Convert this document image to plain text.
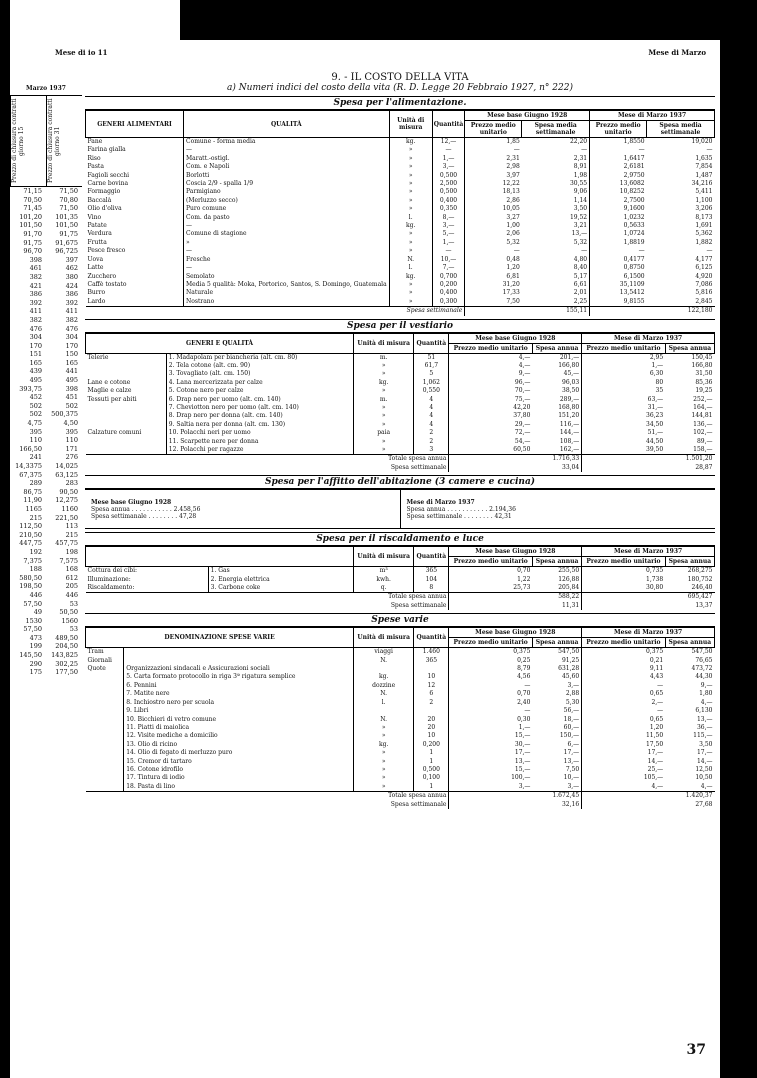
Mese di io 11	Mese di Marzo
Marzo 1937
Prezzo di chiusura contratti giorno 15	Prezzo di chiusura contratti giorno 31
71,15	71,50
70,50	70,80
71,45	71,50
101,20	101,35
101,50	101,50
91,70	91,75
91,75	91,675
96,70	96,725
398	397
461	462
382	380
421	424
386	386
392	392
411	411
382	382
476	476
304	304
170	170
151	150
165	165
439	441
495	495
393,75	398
452	451
502	502
502	500,375
4,75	4,50
395	395
110	110
166,50	171
241	276
14,3375	14,025
67,375	63,125
289	283
86,75	90,50
11,90	12,275
1165	1160
215	221,50
112,50	113
210,50	215
447,75	457,75
192	198
7,375	7,575
188	168
580,50	612
198,50	205
446	446
57,50	53
49	50,50
1530	1560
57,50	53
473	489,50
199	204,50
145,50	143,825
290	302,25
175	177,50
9. - IL COSTO DELLA VITA
a) Numeri indici del costo della vita (R. D. Legge 20 Febbraio 1927, n° 222)
Spesa per l'alimentazione.
GENERI ALIMENTARI	QUALITÀ	Unità di misura	Quantità	Mese base Giugno 1928		Mese di Marzo 1937	
				Prezzo medio unitario	Spesa media settimanale	Prezzo medio unitario	Spesa media settimanale
Pane	Comune - forma media	kg.	12,—	1,85	22,20	1,8550	19,020
Farina gialla	—	»	—	—	—	—	—
Riso	Maratt.-ostigl.	»	1,—	2,31	2,31	1,6417	1,635
Pasta	Com. e Napoli	»	3,—	2,98	8,91	2,6181	7,854
Fagioli secchi	Borlotti	»	0,500	3,97	1,98	2,9750	1,487
Carne bovina	Coscia 2/9 - spalla 1/9	»	2,500	12,22	30,55	13,6082	34,216
Formaggio	Parmigiano	»	0,500	18,13	9,06	10,8252	5,411
Baccalà	(Merluzzo secco)	»	0,400	2,86	1,14	2,7500	1,100
Olio d'oliva	Puro comune	»	0,350	10,05	3,50	9,1600	3,206
Vino	Com. da pasto	l.	8,—	3,27	19,52	1,0232	8,173
Patate	—	kg.	3,—	1,00	3,21	0,5633	1,691
Verdura	Comune di stagione	»	5,—	2,06	13,—	1,0724	5,362
Frutta	»	»	1,—	5,32	5,32	1,8819	1,882
Pesce fresco	—	»	—	—	—	—	—
Uova	Fresche	N.	10,—	0,48	4,80	0,4177	4,177
Latte	—	l.	7,—	1,20	8,40	0,8750	6,125
Zucchero	Semolato	kg.	0,700	6,81	5,17	6,1500	4,920
Caffè tostato	Media 5 qualità: Moka, Portorico, Santos, S. Domingo, Guatemala	»	0,200	31,20	6,61	35,1109	7,086
Burro	Naturale	»	0,400	17,33	2,01	13,5412	5,816
Lardo	Nostrano	»	0,300	7,50	2,25	9,8155	2,845
Spesa settimanale					155,11		122,180
Spesa per il vestiario
GENERI E QUALITÀ		Unità di misura	Quantità	Mese base Giugno 1928		Mese di Marzo 1937	
				Prezzo medio unitario	Spesa annua	Prezzo medio unitario	Spesa annua
Telerie	1. Madapolam per biancheria (alt. cm. 80)	m.	51	4,—	201,—	2,95	150,45
	2. Tela cotone (alt. cm. 90)	»	61,7	4,—	166,80	1,—	166,80
	3. Tovagliato (alt. cm. 150)	»	5	9,—	45,—	6,30	31,50
Lane e cotone	4. Lana mercerizzata per calze	kg.	1,062	96,—	96,03	80	85,36
Maglie e calze	5. Cotone nero per calze	»	0,550	70,—	38,50	35	19,25
Tessuti per abiti	6. Drap nero per uomo (alt. cm. 140)	m.	4	75,—	289,—	63,—	252,—
	7. Cheviotton nero per uomo (alt. cm. 140)	»	4	42,20	168,80	31,—	164,—
	8. Drap nero per donna (alt. cm. 140)	»	4	37,80	151,20	36,23	144,81
	9. Saltia nera per donna (alt. cm. 130)	»	4	29,—	116,—	34,50	136,—
Calzature comuni	10. Polacchi neri per uomo	paia	2	72,—	144,—	51,—	102,—
	11. Scarpette nere per donna	»	2	54,—	108,—	44,50	89,—
	12. Polacchi per ragazze	»	3	60,50	162,—	39,50	158,—
Totale spesa annua					1.716,33		1.501,20
Spesa settimanale					33,04		28,87
Spesa per l'affitto dell'abitazione (3 camere e cucina)
Mese base Giugno 1928
Spesa annua . . . . . . . . . . . 2.458,56
Spesa settimanale . . . . . . . . 47,28
Mese di Marzo 1937
Spesa annua . . . . . . . . . . . 2.194,36
Spesa settimanale . . . . . . . . 42,31
Spesa per il riscaldamento e luce
		Unità di misura	Quantità	Mese base Giugno 1928		Mese di Marzo 1937	
				Prezzo medio unitario	Spesa annua	Prezzo medio unitario	Spesa annua
Cottura dei cibi:	1. Gas	m³	365	0,70	255,50	0,735	268,275
Illuminazione:	2. Energia elettrica	kwh.	104	1,22	126,88	1,738	180,752
Riscaldamento:	3. Carbone coke	q.	8	25,73	205,84	30,80	246,40
Totale spesa annua					588,22		695,427
Spesa settimanale					11,31		13,37
Spese varie
DENOMINAZIONE SPESE VARIE		Unità di misura	Quantità	Mese base Giugno 1928		Mese di Marzo 1937	
				Prezzo medio unitario	Spesa annua	Prezzo medio unitario	Spesa annua
Tram		viaggi	1.460	0,375	547,50	0,375	547,50
Giornali		N.	365	0,25	91,25	0,21	76,65
Quote	Organizzazioni sindacali e Assicurazioni sociali			8,79	631,28	9,11	473,72
	5. Carta formato protocollo in riga 3ª rigatura semplice	kg.	10	4,56	45,60	4,43	44,30
	6. Pennini	dozzine	12	—	3,—	—	9,—
	7. Matite nere	N.	6	0,70	2,88	0,65	1,80
	8. Inchiostro nero per scuola	l.	2	2,40	5,30	2,—	4,—
	9. Libri			—	56,—	—	6,130
	10. Bicchieri di vetro comune	N.	20	0,30	18,—	0,65	13,—
	11. Piatti di maiolica	»	20	1,—	60,—	1,20	36,—
	12. Visite mediche a domicilio	»	10	15,—	150,—	11,50	115,—
	13. Olio di ricino	kg.	0,200	30,—	6,—	17,50	3,50
	14. Olio di fegato di merluzzo puro	»	1	17,—	17,—	17,—	17,—
	15. Cremor di tartaro	»	1	13,—	13,—	14,—	14,—
	16. Cotone idrofilo	»	0,500	15,—	7,50	25,—	12,50
	17. Tintura di iodio	»	0,100	100,—	10,—	105,—	10,50
	18. Pasta di lino	»	1	3,—	3,—	4,—	4,—
Totale spesa annua					1.672,45		1.420,37
Spesa settimanale					32,16		27,68
37
